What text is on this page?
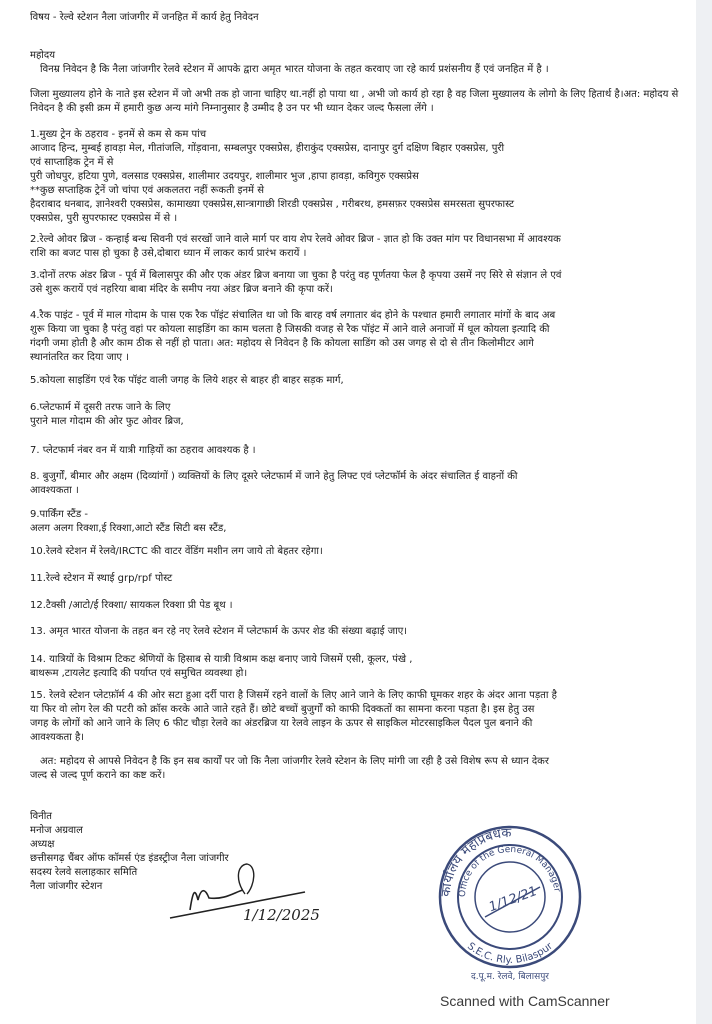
विषय - रेल्वे स्टेशन नैला जांजगीर में जनहित में कार्य हेतु निवेदन

महोदय

विनम्र निवेदन है कि नैला जांजगीर रेलवे स्टेशन में आपके द्वारा अमृत भारत योजना के तहत करवाए जा रहे कार्य प्रशंसनीय हैं एवं जनहित में है ।

जिला मुख्यालय होने के नाते इस स्टेशन में जो अभी तक हो जाना चाहिए था.नहीं हो पाया था , अभी जो कार्य हो रहा है वह जिला मुख्यालय के लोगो के लिए हितार्थ है।अत: महोदय से निवेदन है की इसी क्रम में हमारी कुछ अन्य मांगे निम्नानुसार है उम्मीद है उन पर भी ध्यान देकर जल्द फैसला लेंगे ।

1.मुख्य ट्रेन के ठहराव - इनमें से कम से कम पांच

आजाद हिन्द, मुम्बई हावड़ा मेल, गीतांजलि, गोंड़वाना, सम्बलपुर एक्सप्रेस, हीराकुंद एक्सप्रेस, दानापुर दुर्ग दक्षिण बिहार एक्सप्रेस, पुरी

एवं साप्ताहिक ट्रेन में से

पुरी जोधपुर, हटिया पुणे, वलसाड एक्सप्रेस, शालीमार उदयपुर, शालीमार भुज ,हापा हावड़ा, कविगुरु एक्सप्रेस

**कुछ सप्ताहिक ट्रेनें जो चांपा एवं अकलतरा नहीं रूकती इनमें से

हैदराबाद धनबाद, ज्ञानेश्वरी एक्सप्रेस, कामाख्या एक्सप्रेस,सान्त्रागाछी शिरडी एक्सप्रेस , गरीबरथ, हमसफ़र एक्सप्रेस समरसता सुपरफास्ट

एक्सप्रेस, पुरी सुपरफास्ट एक्सप्रेस में से ।

2.रेल्वे ओवर ब्रिज - कन्हाई बन्ध सिवनी एवं सरखों जाने वाले मार्ग पर वाय शेप रेलवे ओवर ब्रिज - ज्ञात हो कि उक्त मांग पर विधानसभा में आवश्यक

राशि का बजट पास हो चुका है उसे,दोबारा ध्यान में लाकर कार्य प्रारंभ करायें ।

3.दोनों तरफ अंडर ब्रिज - पूर्व में बिलासपुर की और एक अंडर ब्रिज बनाया जा चुका है परंतु वह पूर्णतया फेल है कृपया उसमें नए सिरे से संज्ञान ले एवं

उसे शुरू करायें एवं नहरिया बाबा मंदिर के समीप नया अंडर ब्रिज बनाने की कृपा करें।

4.रैक पाइंट - पूर्व में माल गोदाम के पास एक रैक पॉइंट संचालित था जो कि बारह वर्ष लगातार बंद होने के पश्चात हमारी लगातार मांगों के बाद अब

शुरू किया जा चुका है परंतु वहां पर कोयला साइडिंग का काम चलता है जिसकी वजह से रैक पॉइंट में आने वाले अनाजों में धूल कोयला इत्यादि की

गंदगी जमा होती है और काम ठीक से नहीं हो पाता। अत: महोदय से निवेदन है कि कोयला साडिंग को उस जगह से दो से तीन किलोमीटर आगे

स्थानांतरित कर दिया जाए ।

5.कोयला साइडिंग एवं रैक पॉइंट वाली जगह के लिये शहर से बाहर ही बाहर सड़क मार्ग,

6.प्लेटफार्म में दूसरी तरफ जाने के लिए

पुराने माल गोदाम की ओर फुट ओवर ब्रिज,

7. प्लेटफार्म नंबर वन में यात्री गाड़ियों का ठहराव आवश्यक है ।

8. बुजुर्गों, बीमार और अक्षम (दिव्यांगों ) व्यक्तियों के लिए दूसरे प्लेटफार्म में जाने हेतु लिफ्ट एवं प्लेटफॉर्म के अंदर संचालित ई वाहनों की

आवश्यकता ।

9.पार्किंग स्टैंड -

अलग अलग रिक्शा,ई रिक्शा,आटो स्टैंड सिटी बस स्टैंड,

10.रेलवे स्टेशन में रेलवे/IRCTC की वाटर वेंडिंग मशीन लग जाये तो बेहतर रहेगा।

11.रेल्वे स्टेशन में स्थाई grp/rpf पोस्ट

12.टैक्सी /आटो/ई रिक्शा/ सायकल रिक्शा प्री पेड बूथ ।

13. अमृत भारत योजना के तहत बन रहे नए रेलवे स्टेशन में प्लेटफार्म के ऊपर शेड की संख्या बढ़ाई जाए।

14. यात्रियों के विश्राम टिकट श्रेणियों के हिसाब से यात्री विश्राम कक्ष बनाए जाये जिसमें एसी, कूलर, पंखे ,

बाथरूम ,टायलेट इत्यादि की पर्याप्त एवं समुचित व्यवस्था हो।

15. रेलवे स्टेशन प्लेटफ़ॉर्म 4 की ओर सटा हुआ दर्री पारा है जिसमें रहने वालों के लिए आने जाने के लिए काफी घूमकर शहर के अंदर आना पड़ता है

या फिर वो लोग रेल की पटरी को क्रॉस करके आते जाते रहते हैं। छोटे बच्चों बुजुर्गों को काफी दिक्कतों का सामना करना पड़ता है। इस हेतु उस

जगह के लोगों को आने जाने के लिए 6 फीट चौड़ा रेलवे का अंडरब्रिज या रेलवे लाइन के ऊपर से साइकिल मोटरसाइकिल पैदल पुल बनाने की

आवश्यकता है।

अत: महोदय से आपसे निवेदन है कि इन सब कार्यों पर जो कि नैला जांजगीर रेलवे स्टेशन के लिए मांगी जा रही है उसे विशेष रूप से ध्यान देकर

जल्द से जल्द पूर्ण कराने का कष्ट करें।

विनीत

मनोज अग्रवाल

अध्यक्ष

छत्तीसगढ़ चैंबर ऑफ कॉमर्स एंड इंडस्ट्रीज नैला जांजगीर

सदस्य रेलवे सलाहकार समिति

नैला जांजगीर स्टेशन

1/12/2025
कार्यालय महाप्रबंधक
Office of the General Manager
S.E.C. Rly. Bilaspur
द.पू.म. रेलवे, बिलासपुर
1/12/21
Scanned with CamScanner
